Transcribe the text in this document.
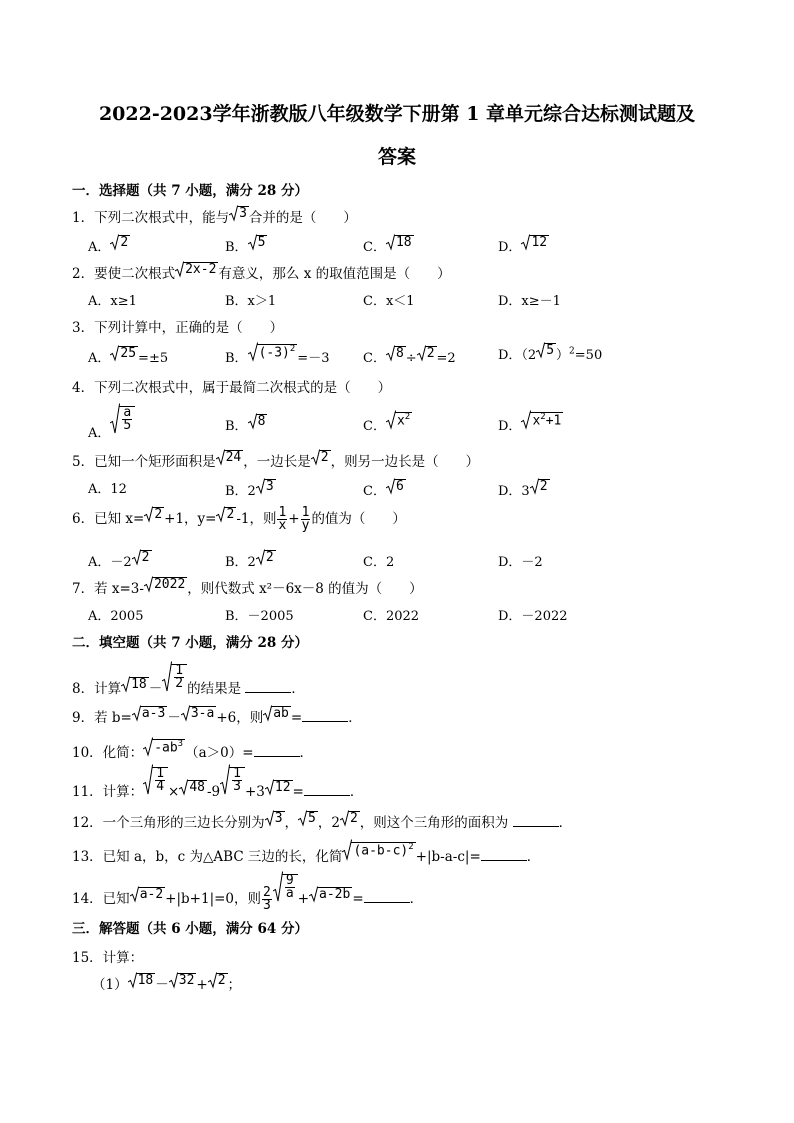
2022-2023学年浙教版八年级数学下册第 1 章单元综合达标测试题及
答案
一．选择题（共 7 小题，满分 28 分）
1．下列二次根式中，能与 3 合并的是（　　）
A． 2	B． 5	C． 18	D． 12
2．要使二次根式 2x-2 有意义，那么 x 的取值范围是（　　）
A．x≥1	B．x＞1	C．x＜1	D．x≥－1
3．下列计算中，正确的是（　　）
A． 25 =±5	B． $(-3)^2$
=－3	C． 8 ÷ 2 =2	D．（2 5 ）$^2$=50
4．下列二次根式中，属于最简二次根式的是（　　）
A．
$\frac{a}{5}$	B． 8	C． $x^2$
D． $x^2+1$
5．已知一个矩形面积是 24 ，一边长是 2 ，则另一边长是（　　）
A．12	B．2 3	C． 6	D．3 2
6．已知 x= 2 +1，y= 2 -1，则 $\frac{1}{x} + \frac{1}{y}$ 的值为（　　）
A．－2 2	B．2 2	C．2	D．－2
7．若 x=3- 2022 ，则代数式 x²－6x－8 的值为（　　）
A．2005	B．－2005	C．2022	D．－2022
二．填空题（共 7 小题，满分 28 分）
8．计算 $18 - \frac{1}{2}$ 的结果是	．
9．若 b= a-3 － 3-a +6，则 ab =	．
10．化简： $-ab^3$
（a＞0）=	．
11．计算： $\frac{1}{4} \times 48$ $-9 \frac{1}{3} +3$ 12 =	．
12．一个三角形的三边长分别为 3 ， 5 ，2 2 ，则这个三角形的面积为	．
13．已知 a，b，c 为△ABC 三边的长，化简 $(a-b-c)^2$
+|b-a-c|=	．
14．已知 a-2 +|b+1|=0，则 $\frac{2}{3} \frac{9}{a} + a-2b$ =	．
三．解答题（共 6 小题，满分 64 分）
15．计算：
（1） 18 － 32 + 2 ；
